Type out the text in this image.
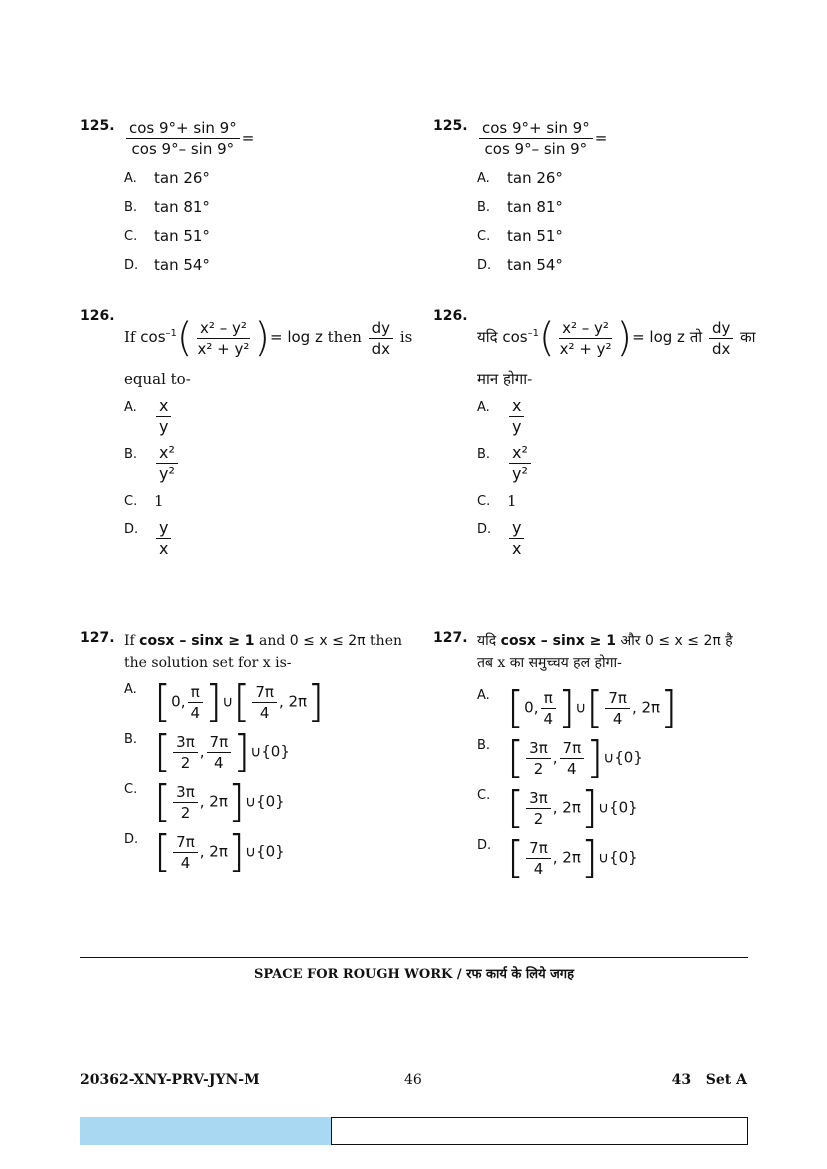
125. $\frac{\cos 9^\circ+ \sin 9^\circ}{\cos 9^\circ- \sin 9^\circ}$ =
A.	tan 26°
B.	tan 81°
C.	tan 51°
D.	tan 54°
126.
If $\cos^{-1}( \frac{\text{x² – y²}}{\text{x² + y²}}$ )= log z then $\frac{dy}{dx}$ is
equal to-
A.	$\frac{x}{y}$
B.	$\frac{\text{x²}}{\text{y²}}$
C.	1
D.	$\frac{y}{x}$
127. If cosx – sinx ≥ 1 and 0 ≤ x ≤ 2π then
the solution set for x is-
A. [0, $\frac{\pi}{4}$ ]∪[ $\frac{7\pi}{4}$ , 2π]
B. [ $\frac{3\pi}{2}$ , $\frac{7\pi}{4}$ ]∪{0}
C. [ $\frac{3\pi}{2}$ , 2π]∪{0}
D. [ $\frac{7\pi}{4}$ , 2π]∪{0}
125. $\frac{\cos 9^\circ+ \sin 9^\circ}{\cos 9^\circ- \sin 9^\circ}$ =
A.	tan 26°
B.	tan 81°
C.	tan 51°
D.	tan 54°
126.
यदि $\cos^{-1}( \frac{\text{x² – y²}}{\text{x² + y²}}$ )= log z तो $\frac{dy}{dx}$ का
मान होगा-
A.	$\frac{x}{y}$
B.	$\frac{\text{x²}}{\text{y²}}$
C.	1
D.	$\frac{y}{x}$
127. यदि cosx – sinx ≥ 1 और 0 ≤ x ≤ 2π है
तब x का समुच्चय हल होगा-
A. [0, $\frac{\pi}{4}$ ]∪[ $\frac{7\pi}{4}$ , 2π]
B. [ $\frac{3\pi}{2}$ , $\frac{7\pi}{4}$ ]∪{0}
C. [ $\frac{3\pi}{2}$ , 2π]∪{0}
D. [ $\frac{7\pi}{4}$ , 2π]∪{0}
SPACE FOR ROUGH WORK / रफ कार्य के लिये जगह
20362-XNY-PRV-JYN-M	46	43   Set A
